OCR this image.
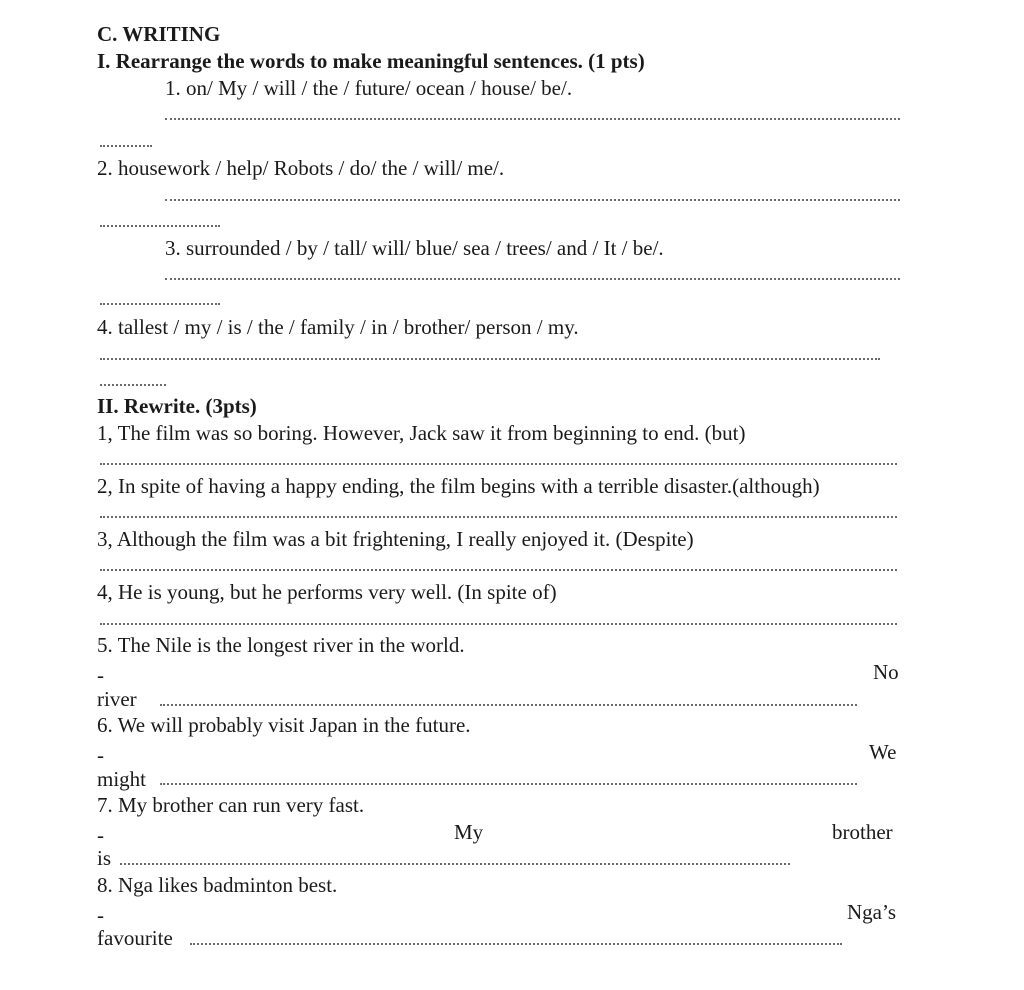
C. WRITING
I. Rearrange the words to make meaningful sentences. (1 pts)
1. on/ My / will / the / future/ ocean / house/ be/.
2. housework / help/ Robots / do/ the / will/ me/.
3. surrounded / by / tall/ will/ blue/ sea / trees/ and / It / be/.
4. tallest / my / is / the / family / in / brother/ person / my.
II. Rewrite. (3pts)
1, The film was so boring. However, Jack saw it from beginning to end. (but)
2, In spite of having a happy ending, the film begins with a terrible disaster.(although)
3, Although the film was a bit frightening, I really enjoyed it. (Despite)
4, He is young, but he performs very well. (In spite of)
5. The Nile is the longest river in the world.
-	No
river
6. We will probably visit Japan in the future.
-	We
might
7. My brother can run very fast.
-	My	brother
is
8. Nga likes badminton best.
-	Nga’s
favourite
